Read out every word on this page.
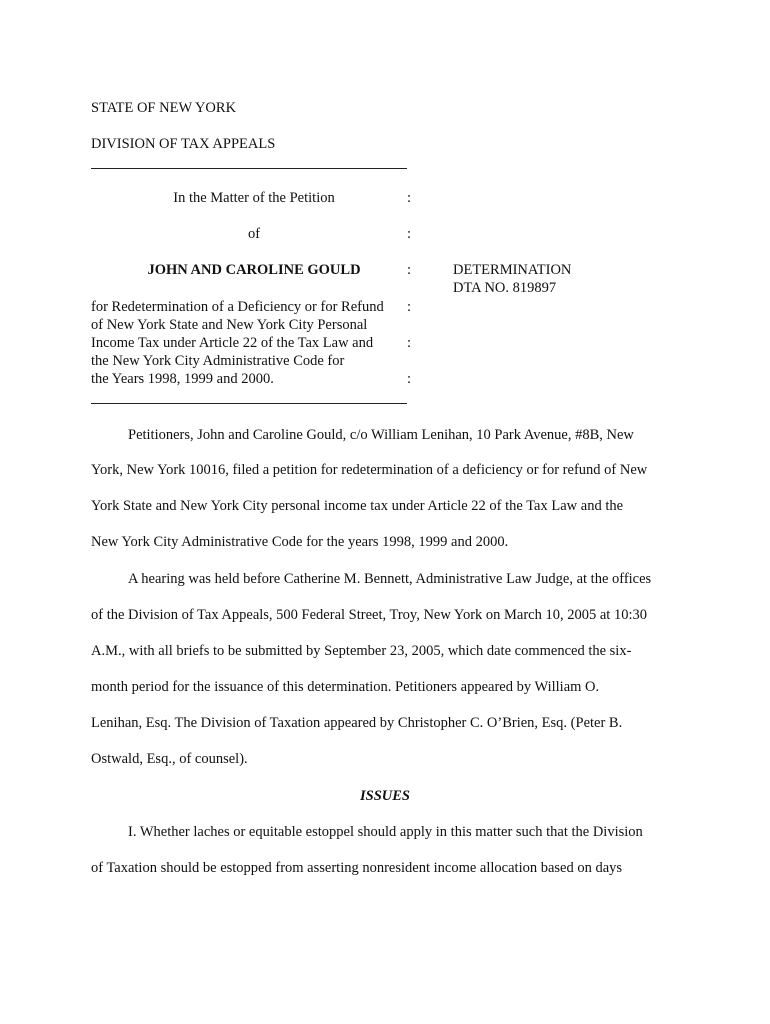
STATE OF NEW YORK
DIVISION OF TAX APPEALS
In the Matter of the Petition	:
of	:
JOHN AND CAROLINE GOULD	:	DETERMINATION
DTA NO. 819897
for Redetermination of a Deficiency or for Refund :
of New York State and New York City Personal
Income Tax under Article 22 of the Tax Law and :
the New York City Administrative Code for
the Years 1998, 1999 and 2000.	:
Petitioners, John and Caroline Gould, c/o William Lenihan, 10 Park Avenue, #8B, New
York, New York 10016, filed a petition for redetermination of a deficiency or for refund of New
York State and New York City personal income tax under Article 22 of the Tax Law and the
New York City Administrative Code for the years 1998, 1999 and 2000.
A hearing was held before Catherine M. Bennett, Administrative Law Judge, at the offices
of the Division of Tax Appeals, 500 Federal Street, Troy, New York on March 10, 2005 at 10:30
A.M., with all briefs to be submitted by September 23, 2005, which date commenced the six-
month period for the issuance of this determination. Petitioners appeared by William O.
Lenihan, Esq. The Division of Taxation appeared by Christopher C. O’Brien, Esq. (Peter B.
Ostwald, Esq., of counsel).
ISSUES
I. Whether laches or equitable estoppel should apply in this matter such that the Division
of Taxation should be estopped from asserting nonresident income allocation based on days
